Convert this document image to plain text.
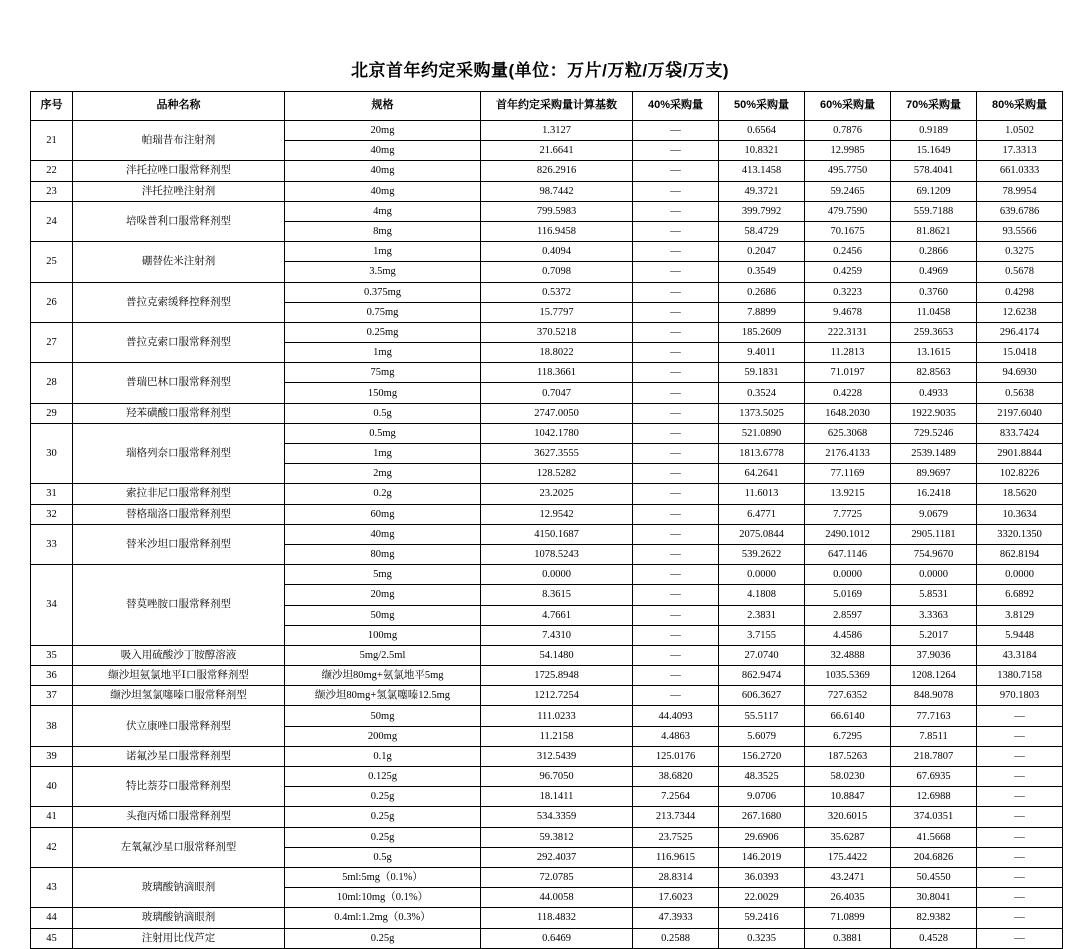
北京首年约定采购量(单位：万片/万粒/万袋/万支)
序号	品种名称	规格	首年约定采购量计算基数	40%采购量	50%采购量	60%采购量	70%采购量	80%采购量
21	帕瑞昔布注射剂	20mg	1.3127	—	0.6564	0.7876	0.9189	1.0502
		40mg	21.6641	—	10.8321	12.9985	15.1649	17.3313
22	泮托拉唑口服常释剂型	40mg	826.2916	—	413.1458	495.7750	578.4041	661.0333
23	泮托拉唑注射剂	40mg	98.7442	—	49.3721	59.2465	69.1209	78.9954
24	培哚普利口服常释剂型	4mg	799.5983	—	399.7992	479.7590	559.7188	639.6786
		8mg	116.9458	—	58.4729	70.1675	81.8621	93.5566
25	硼替佐米注射剂	1mg	0.4094	—	0.2047	0.2456	0.2866	0.3275
		3.5mg	0.7098	—	0.3549	0.4259	0.4969	0.5678
26	普拉克索缓释控释剂型	0.375mg	0.5372	—	0.2686	0.3223	0.3760	0.4298
		0.75mg	15.7797	—	7.8899	9.4678	11.0458	12.6238
27	普拉克索口服常释剂型	0.25mg	370.5218	—	185.2609	222.3131	259.3653	296.4174
		1mg	18.8022	—	9.4011	11.2813	13.1615	15.0418
28	普瑞巴林口服常释剂型	75mg	118.3661	—	59.1831	71.0197	82.8563	94.6930
		150mg	0.7047	—	0.3524	0.4228	0.4933	0.5638
29	羟苯磺酸口服常释剂型	0.5g	2747.0050	—	1373.5025	1648.2030	1922.9035	2197.6040
30	瑞格列奈口服常释剂型	0.5mg	1042.1780	—	521.0890	625.3068	729.5246	833.7424
		1mg	3627.3555	—	1813.6778	2176.4133	2539.1489	2901.8844
		2mg	128.5282	—	64.2641	77.1169	89.9697	102.8226
31	索拉非尼口服常释剂型	0.2g	23.2025	—	11.6013	13.9215	16.2418	18.5620
32	替格瑞洛口服常释剂型	60mg	12.9542	—	6.4771	7.7725	9.0679	10.3634
33	替米沙坦口服常释剂型	40mg	4150.1687	—	2075.0844	2490.1012	2905.1181	3320.1350
		80mg	1078.5243	—	539.2622	647.1146	754.9670	862.8194
34	替莫唑胺口服常释剂型	5mg	0.0000	—	0.0000	0.0000	0.0000	0.0000
		20mg	8.3615	—	4.1808	5.0169	5.8531	6.6892
		50mg	4.7661	—	2.3831	2.8597	3.3363	3.8129
		100mg	7.4310	—	3.7155	4.4586	5.2017	5.9448
35	吸入用硫酸沙丁胺醇溶液	5mg/2.5ml	54.1480	—	27.0740	32.4888	37.9036	43.3184
36	缬沙坦氨氯地平Ⅰ口服常释剂型	缬沙坦80mg+氨氯地平5mg	1725.8948	—	862.9474	1035.5369	1208.1264	1380.7158
37	缬沙坦氢氯噻嗪口服常释剂型	缬沙坦80mg+氢氯噻嗪12.5mg	1212.7254	—	606.3627	727.6352	848.9078	970.1803
38	伏立康唑口服常释剂型	50mg	111.0233	44.4093	55.5117	66.6140	77.7163	—
		200mg	11.2158	4.4863	5.6079	6.7295	7.8511	—
39	诺氟沙星口服常释剂型	0.1g	312.5439	125.0176	156.2720	187.5263	218.7807	—
40	特比萘芬口服常释剂型	0.125g	96.7050	38.6820	48.3525	58.0230	67.6935	—
		0.25g	18.1411	7.2564	9.0706	10.8847	12.6988	—
41	头孢丙烯口服常释剂型	0.25g	534.3359	213.7344	267.1680	320.6015	374.0351	—
42	左氧氟沙星口服常释剂型	0.25g	59.3812	23.7525	29.6906	35.6287	41.5668	—
		0.5g	292.4037	116.9615	146.2019	175.4422	204.6826	—
43	玻璃酸钠滴眼剂	5ml:5mg（0.1%）	72.0785	28.8314	36.0393	43.2471	50.4550	—
		10ml:10mg（0.1%）	44.0058	17.6023	22.0029	26.4035	30.8041	—
44	玻璃酸钠滴眼剂	0.4ml:1.2mg（0.3%）	118.4832	47.3933	59.2416	71.0899	82.9382	—
45	注射用比伐芦定	0.25g	0.6469	0.2588	0.3235	0.3881	0.4528	—
